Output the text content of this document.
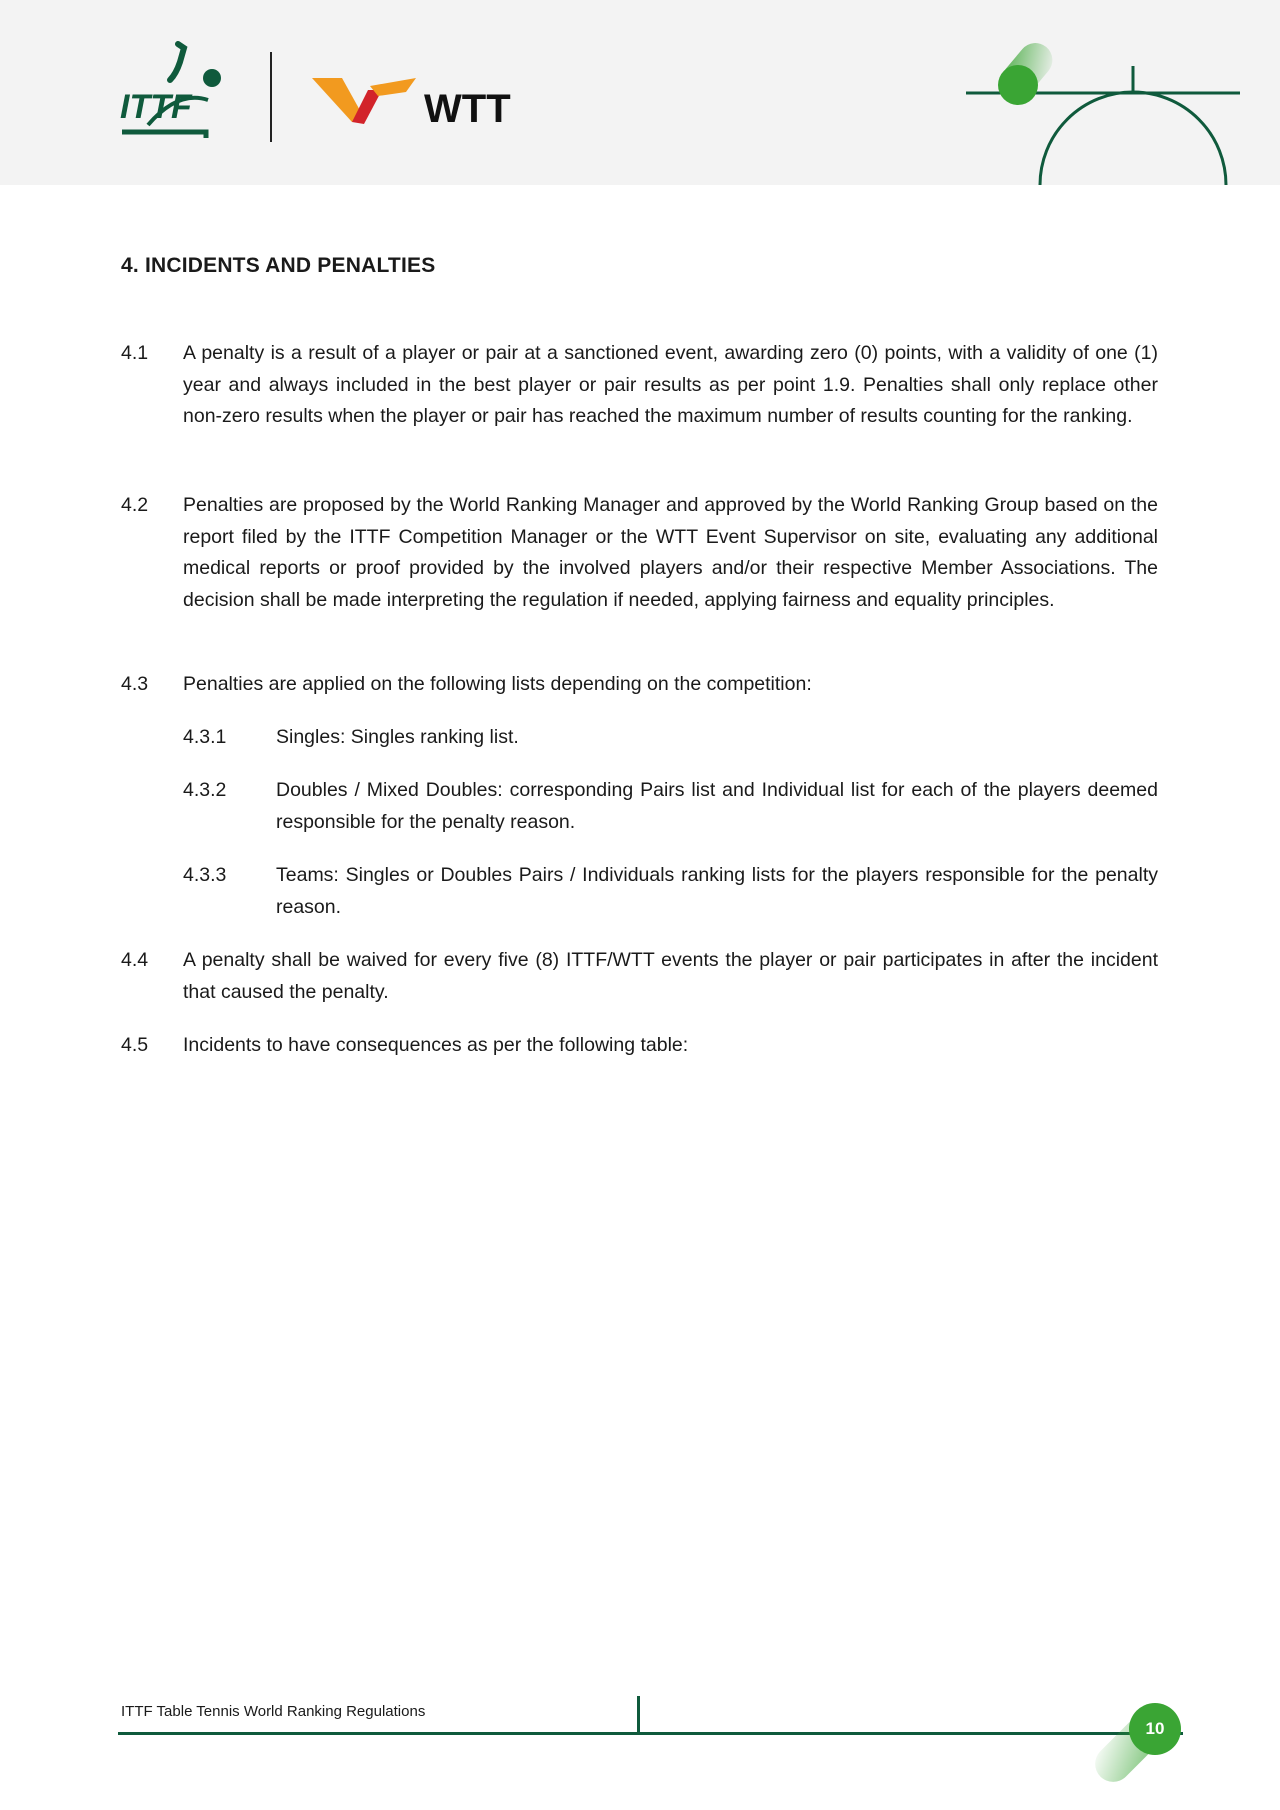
ITTF	WTT
4. INCIDENTS AND PENALTIES
4.1 A penalty is a result of a player or pair at a sanctioned event, awarding zero (0) points, with a validity of one (1) year and always included in the best player or pair results as per point 1.9. Penalties shall only replace other non-zero results when the player or pair has reached the maximum number of results counting for the ranking.
4.2 Penalties are proposed by the World Ranking Manager and approved by the World Ranking Group based on the report filed by the ITTF Competition Manager or the WTT Event Supervisor on site, evaluating any additional medical reports or proof provided by the involved players and/or their respective Member Associations. The decision shall be made interpreting the regulation if needed, applying fairness and equality principles.
4.3 Penalties are applied on the following lists depending on the competition:
4.3.1	Singles: Singles ranking list.
4.3.2	Doubles / Mixed Doubles: corresponding Pairs list and Individual list for each of the players deemed responsible for the penalty reason.
4.3.3	Teams: Singles or Doubles Pairs / Individuals ranking lists for the players responsible for the penalty reason.
4.4 A penalty shall be waived for every five (8) ITTF/WTT events the player or pair participates in after the incident that caused the penalty.
4.5 Incidents to have consequences as per the following table:
ITTF Table Tennis World Ranking Regulations
10
